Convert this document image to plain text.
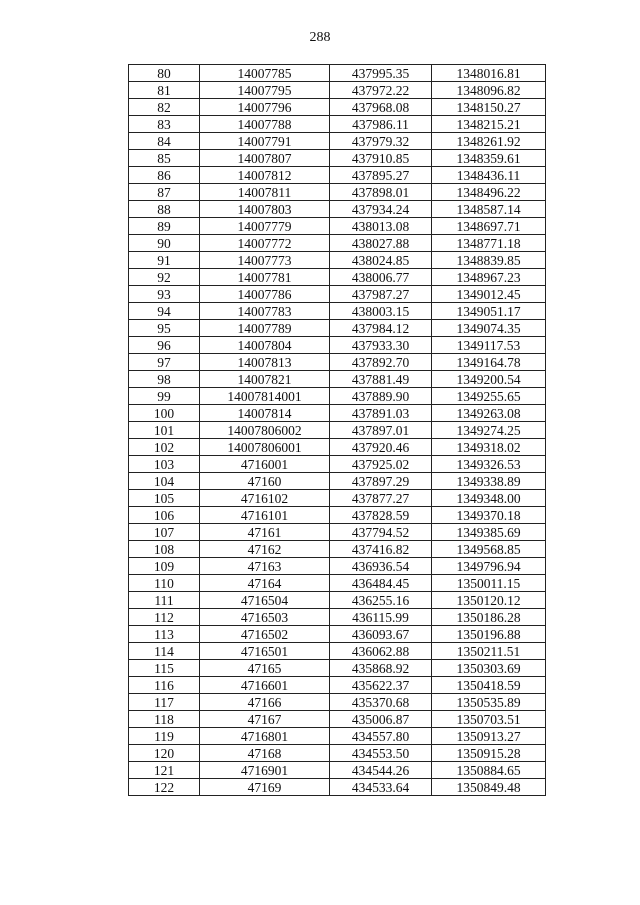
288
80	14007785	437995.35	1348016.81
81	14007795	437972.22	1348096.82
82	14007796	437968.08	1348150.27
83	14007788	437986.11	1348215.21
84	14007791	437979.32	1348261.92
85	14007807	437910.85	1348359.61
86	14007812	437895.27	1348436.11
87	14007811	437898.01	1348496.22
88	14007803	437934.24	1348587.14
89	14007779	438013.08	1348697.71
90	14007772	438027.88	1348771.18
91	14007773	438024.85	1348839.85
92	14007781	438006.77	1348967.23
93	14007786	437987.27	1349012.45
94	14007783	438003.15	1349051.17
95	14007789	437984.12	1349074.35
96	14007804	437933.30	1349117.53
97	14007813	437892.70	1349164.78
98	14007821	437881.49	1349200.54
99	14007814001	437889.90	1349255.65
100	14007814	437891.03	1349263.08
101	14007806002	437897.01	1349274.25
102	14007806001	437920.46	1349318.02
103	4716001	437925.02	1349326.53
104	47160	437897.29	1349338.89
105	4716102	437877.27	1349348.00
106	4716101	437828.59	1349370.18
107	47161	437794.52	1349385.69
108	47162	437416.82	1349568.85
109	47163	436936.54	1349796.94
110	47164	436484.45	1350011.15
111	4716504	436255.16	1350120.12
112	4716503	436115.99	1350186.28
113	4716502	436093.67	1350196.88
114	4716501	436062.88	1350211.51
115	47165	435868.92	1350303.69
116	4716601	435622.37	1350418.59
117	47166	435370.68	1350535.89
118	47167	435006.87	1350703.51
119	4716801	434557.80	1350913.27
120	47168	434553.50	1350915.28
121	4716901	434544.26	1350884.65
122	47169	434533.64	1350849.48
